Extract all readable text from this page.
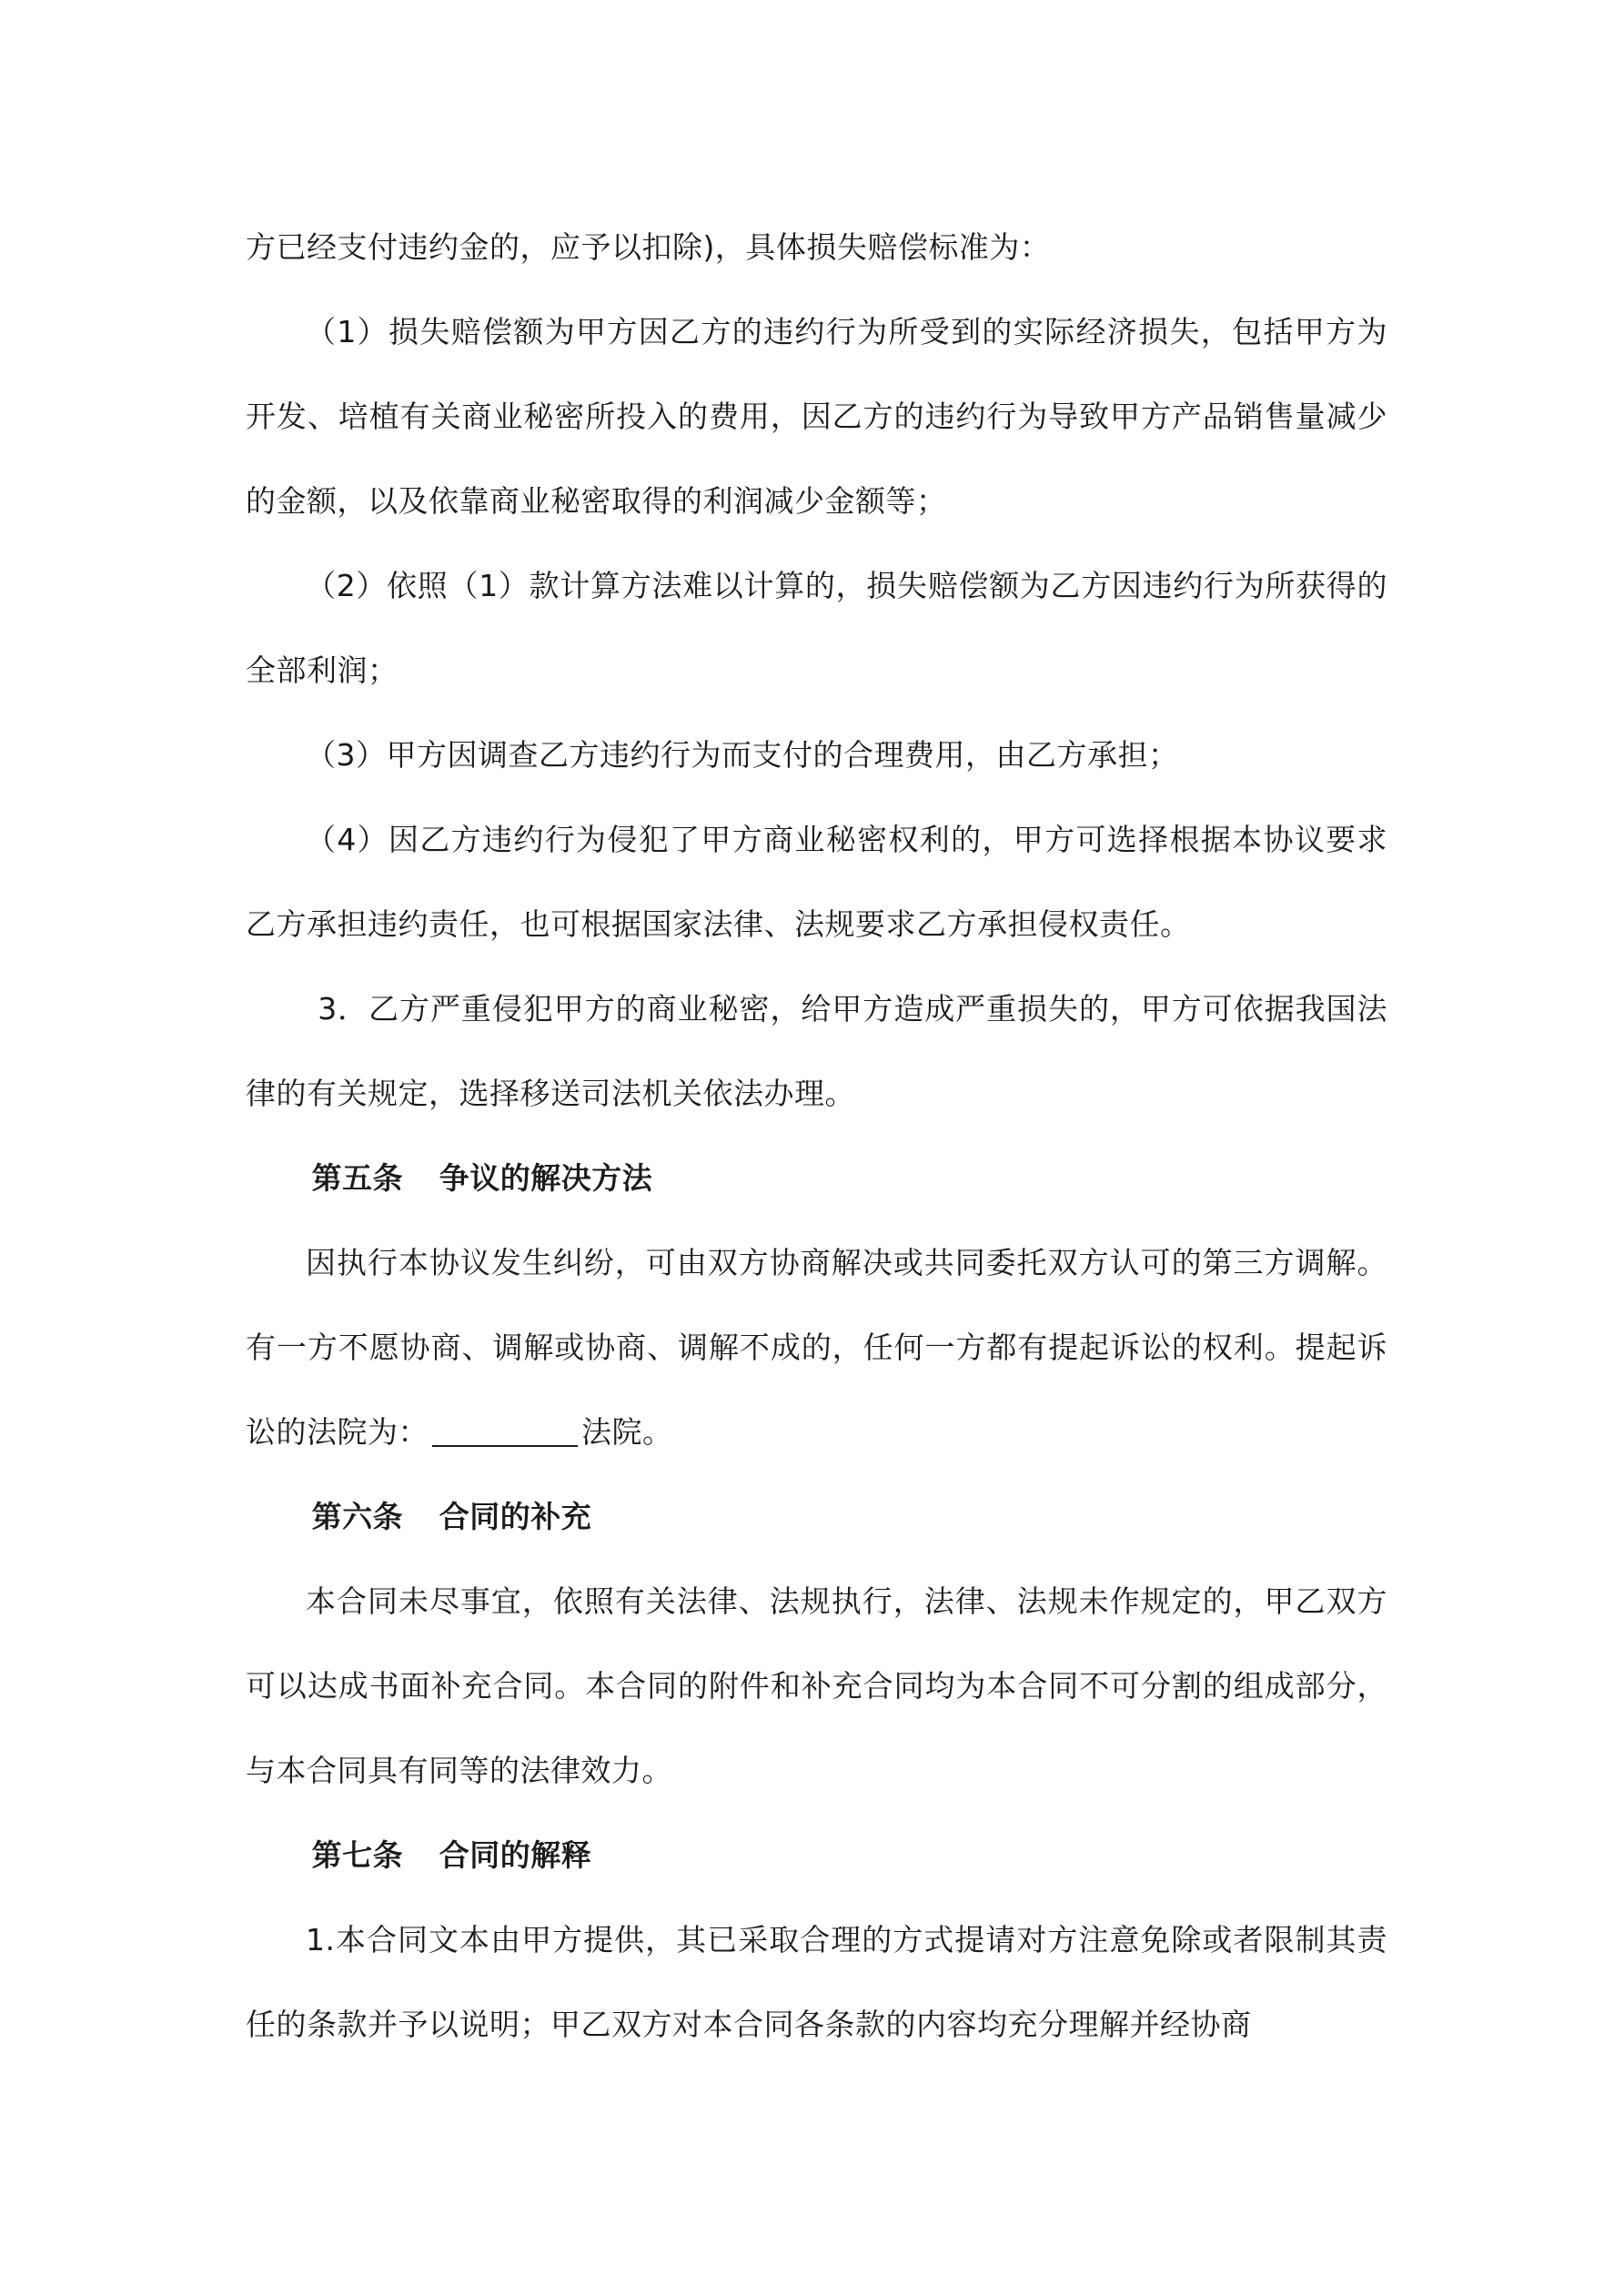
方已经支付违约金的，应予以扣除)，具体损失赔偿标准为：

（1）损失赔偿额为甲方因乙方的违约行为所受到的实际经济损失，包括甲方为开发、培植有关商业秘密所投入的费用，因乙方的违约行为导致甲方产品销售量减少的金额，以及依靠商业秘密取得的利润减少金额等；

（2）依照（1）款计算方法难以计算的，损失赔偿额为乙方因违约行为所获得的全部利润；

（3）甲方因调查乙方违约行为而支付的合理费用，由乙方承担；

（4）因乙方违约行为侵犯了甲方商业秘密权利的，甲方可选择根据本协议要求乙方承担违约责任，也可根据国家法律、法规要求乙方承担侵权责任。

3．乙方严重侵犯甲方的商业秘密，给甲方造成严重损失的，甲方可依据我国法律的有关规定，选择移送司法机关依法办理。

第五条 争议的解决方法

因执行本协议发生纠纷，可由双方协商解决或共同委托双方认可的第三方调解。有一方不愿协商、调解或协商、调解不成的，任何一方都有提起诉讼的权利。提起诉讼的法院为：	法院。

第六条 合同的补充

本合同未尽事宜，依照有关法律、法规执行，法律、法规未作规定的，甲乙双方可以达成书面补充合同。本合同的附件和补充合同均为本合同不可分割的组成部分，与本合同具有同等的法律效力。

第七条 合同的解释

1.本合同文本由甲方提供，其已采取合理的方式提请对方注意免除或者限制其责任的条款并予以说明；甲乙双方对本合同各条款的内容均充分理解并经协商
